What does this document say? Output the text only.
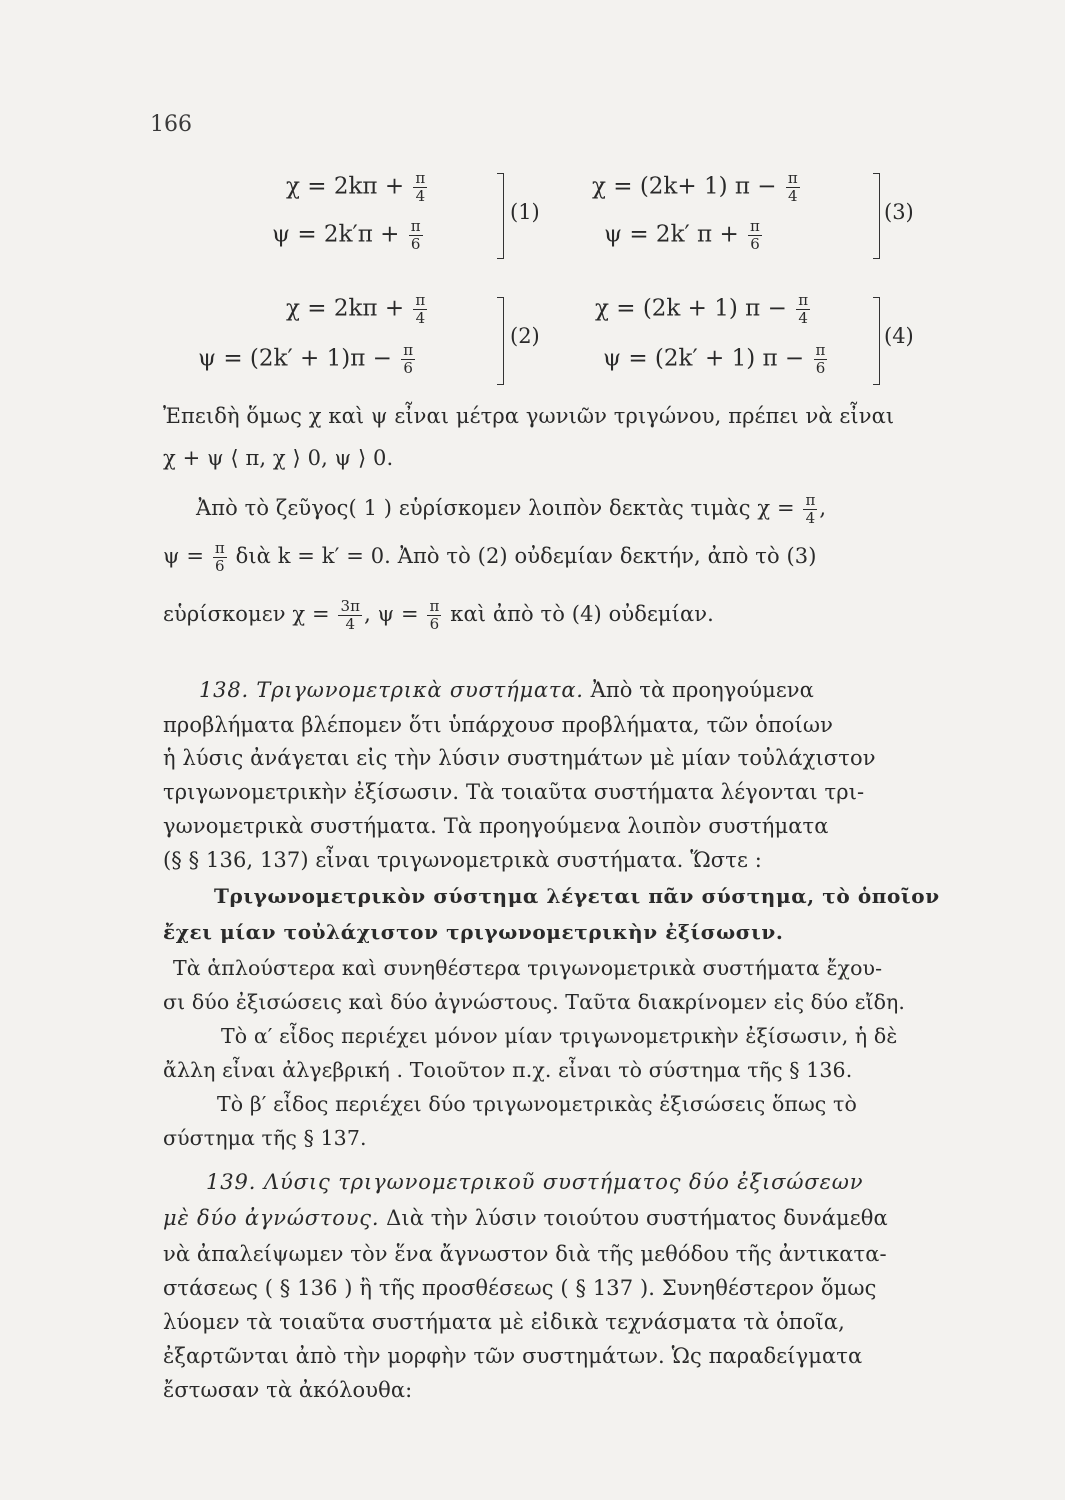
166
$\chi = 2k\pi + \frac{\pi}{4}$
$\psi = 2k'\pi + \frac{\pi}{6}$
(1)
$\chi = 2k\pi + \frac{\pi}{4}$
$\psi = (2k' + 1)\pi - \frac{\pi}{6}$
(2)
χ = (2k+ 1) $\pi - \frac{\pi}{4}$
ψ = 2k′ $\pi + \frac{\pi}{6}$
(3)
χ = (2k + 1) $\pi - \frac{\pi}{4}$
ψ = (2k′ + 1) $\pi - \frac{\pi}{6}$
(4)
Ἐπειδὴ ὅμως χ καὶ ψ εἶναι μέτρα γωνιῶν τριγώνου, πρέπει νὰ εἶναι
χ + ψ ⟨ π, χ ⟩ 0, ψ ⟩ 0.
Ἀπὸ τὸ ζεῦγος( 1 ) εὑρίσκομεν λοιπὸν δεκτὰς τιμὰς $\chi = \frac{\pi}{4}$ ,
$\psi = \frac{\pi}{6}$ διὰ k = k′ = 0. Ἀπὸ τὸ (2) οὐδεμίαν δεκτήν, ἀπὸ τὸ (3)
εὑρίσκομεν $\chi = \frac{3\pi}{4}$ , $\psi = \frac{\pi}{6}$ καὶ ἀπὸ τὸ (4) οὐδεμίαν.
138. Τριγωνομετρικὰ συστήματα. Ἀπὸ τὰ προηγούμενα
προβλήματα βλέπομεν ὅτι ὑπάρχουσ προβλήματα, τῶν ὁποίων
ἡ λύσις ἀνάγεται εἰς τὴν λύσιν συστημάτων μὲ μίαν τοὐλάχιστον
τριγωνομετρικὴν ἐξίσωσιν. Τὰ τοιαῦτα συστήματα λέγονται τρι-
γωνομετρικὰ συστήματα. Τὰ προηγούμενα λοιπὸν συστήματα
(§ § 136, 137) εἶναι τριγωνομετρικὰ συστήματα. Ὥστε :
Τριγωνομετρικὸν σύστημα λέγεται πᾶν σύστημα, τὸ ὁποῖον
ἔχει μίαν τοὐλάχιστον τριγωνομετρικὴν ἐξίσωσιν.
Τὰ ἁπλούστερα καὶ συνηθέστερα τριγωνομετρικὰ συστήματα ἔχου-
σι δύο ἐξισώσεις καὶ δύο ἀγνώστους. Ταῦτα διακρίνομεν εἰς δύο εἴδη.
Τὸ α′ εἶδος περιέχει μόνον μίαν τριγωνομετρικὴν ἐξίσωσιν, ἡ δὲ
ἄλλη εἶναι ἀλγεβρική . Τοιοῦτον π.χ. εἶναι τὸ σύστημα τῆς § 136.
Τὸ β′ εἶδος περιέχει δύο τριγωνομετρικὰς ἐξισώσεις ὅπως τὸ
σύστημα τῆς § 137.
139. Λύσις τριγωνομετρικοῦ συστήματος δύο ἐξισώσεων
μὲ δύο ἀγνώστους. Διὰ τὴν λύσιν τοιούτου συστήματος δυνάμεθα
νὰ ἀπαλείψωμεν τὸν ἕνα ἄγνωστον διὰ τῆς μεθόδου τῆς ἀντικατα-
στάσεως ( § 136 ) ἢ τῆς προσθέσεως ( § 137 ). Συνηθέστερον ὅμως
λύομεν τὰ τοιαῦτα συστήματα μὲ εἰδικὰ τεχνάσματα τὰ ὁποῖα,
ἐξαρτῶνται ἀπὸ τὴν μορφὴν τῶν συστημάτων. Ὡς παραδείγματα
ἔστωσαν τὰ ἀκόλουθα:
